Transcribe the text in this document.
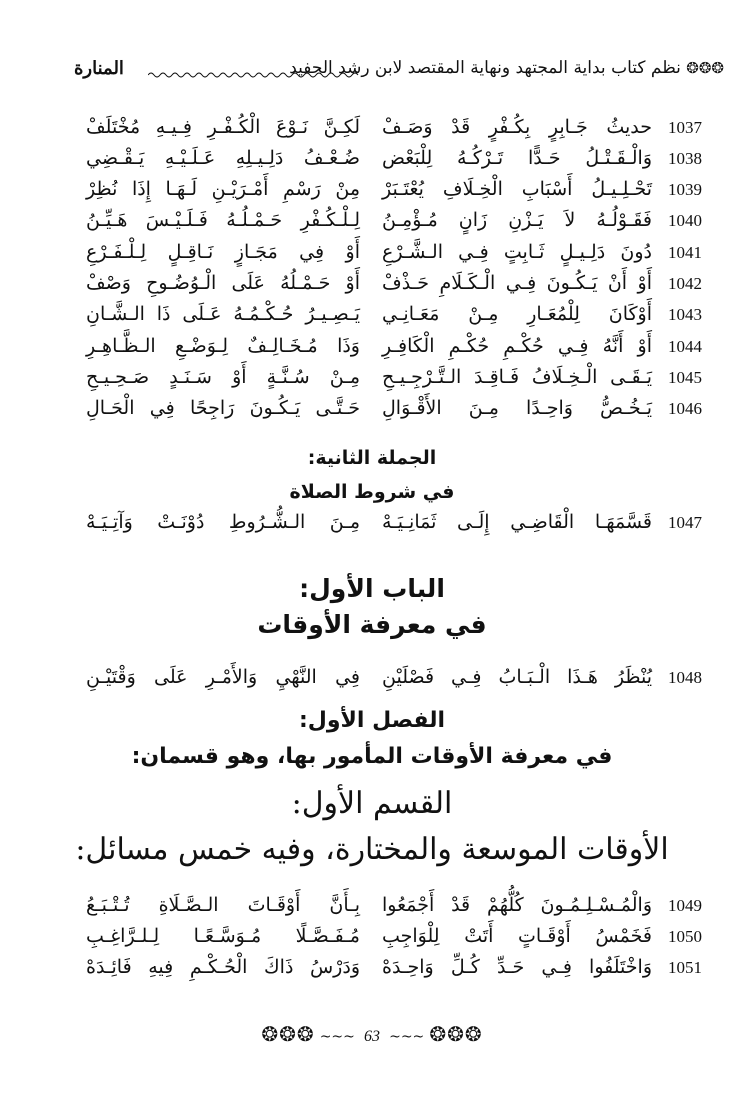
❂❂❂ نظم كتاب بداية المجتهد ونهاية المقتصد لابن رشد الحفيد
المنارة
1037
حديثُ جَـابِرٍ بِكُـفْرٍ قَدْ وَصَـفْ
لَكِـنَّ نَـوْعَ الْكُـفْـرِ فِـيـهِ مُخْتَلَفْ
1038
وَالْـقَـتْـلُ حَـدًّا تَـرْكُـهُ لِلْبَعْض
ضُـعْـفُ دَلِـيـلِهِ عَـلَـيْـهِ يَـقْـضِي
1039
تَحْـلِـيـلُ أَسْبَابِ الْخِـلَافِ يُعْتَـبَرْ
مِنْ رَسْمِ أَمْـرَيْـنِ لَـهَـا إِذَا نُظِرْ
1040
فَقَـوْلُـهُ لاَ يَـزْنِ زَانٍ مُـؤْمِـنُ
لِـلْـكُـفْرِ حَـمْـلُـهُ فَـلَـيْـسَ هَـيِّـنُ
1041
دُونَ دَلِـيـلٍ ثَـابِتٍ فِـي الـشَّـرْعِ
أَوْ فِي مَجَـازٍ نَـاقِـلٍ لِـلْـفَـرْعِ
1042
أَوْ أَنْ يَـكُـونَ فِـي الْـكَـلَامِ حَـذْفْ
أَوْ حَـمْـلُهُ عَلَى الْـوُضُـوحِ وَصْفْ
1043
أَوْكَانَ لِلْمُعَـارِ مِـنْ مَعَـانِـي
يَـصِـيـرُ حُـكْـمُـهُ عَـلَى ذَا الـشَّـانِ
1044
أَوْ أَنَّهُ فِـي حُكْـمِ حُكْـمِ الْكَافِـرِ
وَذَا مُـخَـالِـفٌ لِـوَضْـعِ الـظَّـاهِـرِ
1045
يَـقَـى الْـخِـلَافُ فَـاقِـدَ الـتَّـرْجِـيـحِ
مِـنْ سُـنَّـةٍ أَوْ سَـنَـدٍ صَـحِـيـحِ
1046
يَـخُـصُّ وَاحِـدًا مِـنَ الأَقْـوَالِ
حَـتَّـى يَـكُـونَ رَاجِحًا فِي الْحَـالِ
الجملة الثانية:
في شروط الصلاة
1047
قَسَّمَهَـا الْقَاضِـي إِلَـى ثَمَانِـيَـهْ
مِـنَ الـشُّـرُوطِ دُوْنَـتْ وَآتِـيَـهْ
الباب الأول:
في معرفة الأوقات
1048
يُنْظَرُ هَـذَا الْـبَـابُ فِـي فَصْلَيْنِ
فِي النَّهْيِ وَالأَمْـرِ عَلَى وَقْتَيْـنِ
الفصل الأول:
في معرفة الأوقات المأمور بها، وهو قسمان:
القسم الأول:
الأوقات الموسعة والمختارة، وفيه خمس مسائل:
1049
وَالْمُـسْـلِـمُـونَ كُلُّهُمْ قَدْ أَجْمَعُوا
بِـأَنَّ أَوْقَـاتَ الـصَّـلَاةِ تُـتْـبَـعُ
1050
فَخَمْسُ أَوْقَـاتٍ أَتَتْ لِلْوَاجِبِ
مُـفَـصَّـلًا مُـوَسَّـعًـا لِـلـرَّاغِـبِ
1051
وَاخْتَلَفُوا فِـي حَـدِّ كُـلِّ وَاحِـدَهْ
وَدَرْسُ ذَاكَ الْحُـكْـمِ فِيهِ فَائِـدَهْ
❂❂❂ ~~~ 63 ~~~ ❂❂❂
